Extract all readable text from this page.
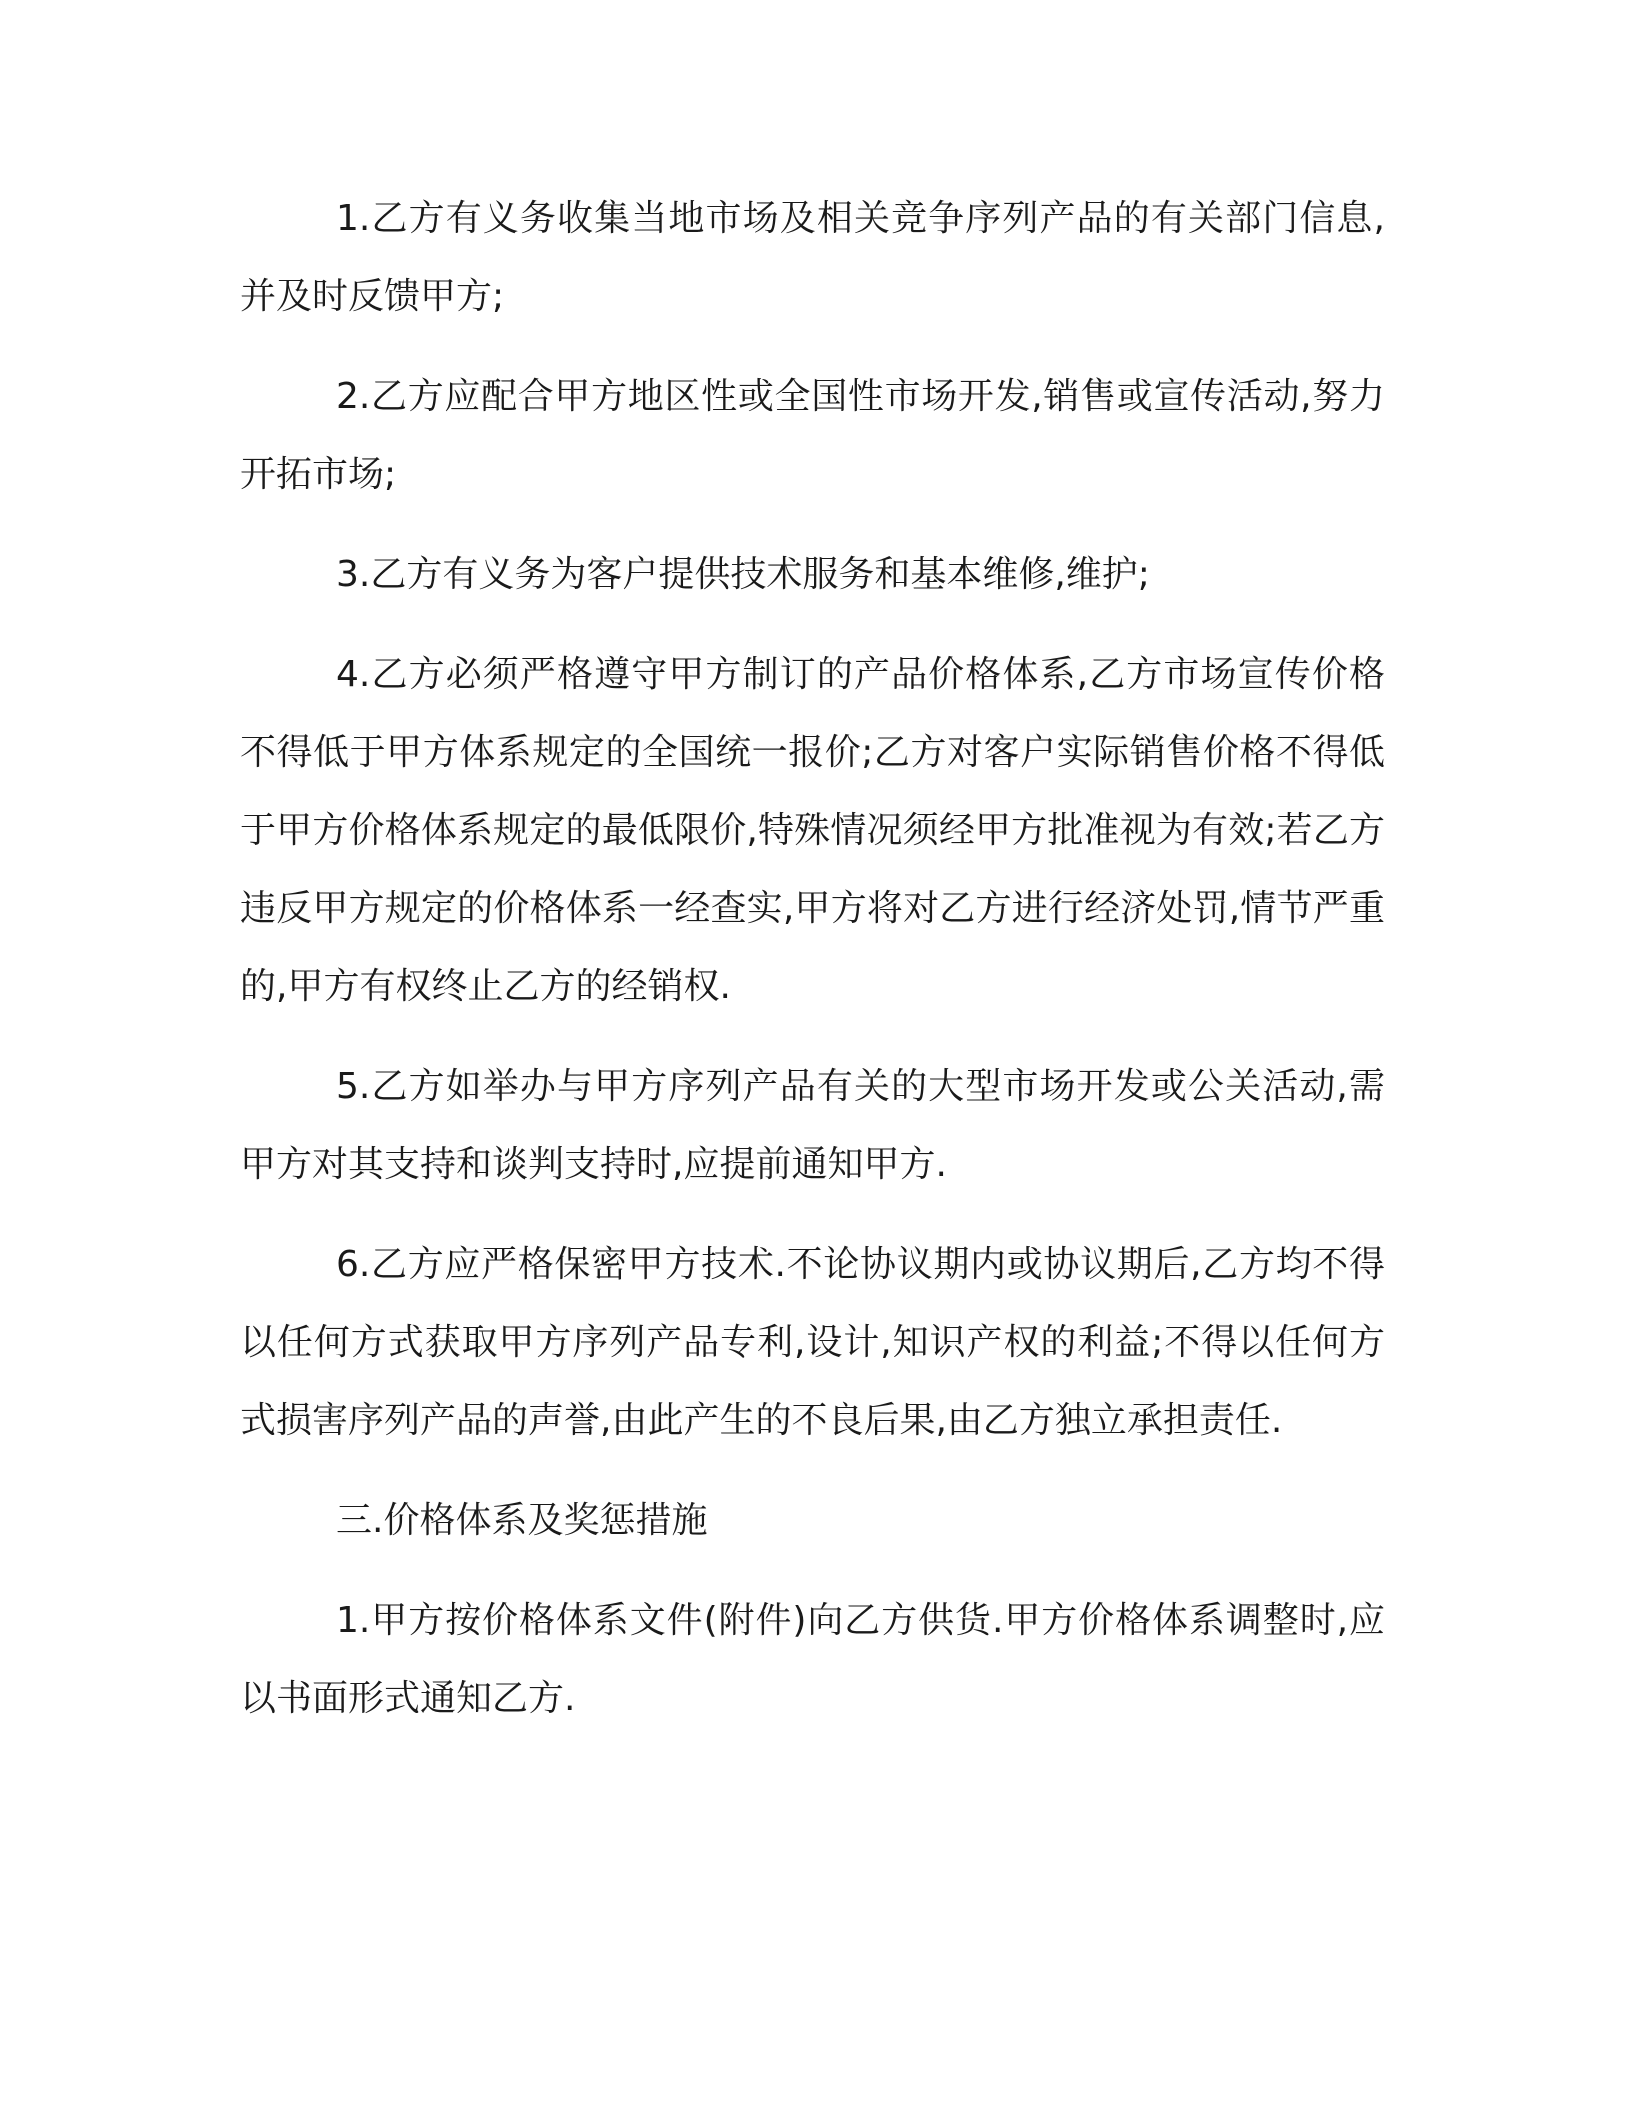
1.乙方有义务收集当地市场及相关竞争序列产品的有关部门信息,并及时反馈甲方;

2.乙方应配合甲方地区性或全国性市场开发,销售或宣传活动,努力开拓市场;

3.乙方有义务为客户提供技术服务和基本维修,维护;

4.乙方必须严格遵守甲方制订的产品价格体系,乙方市场宣传价格不得低于甲方体系规定的全国统一报价;乙方对客户实际销售价格不得低于甲方价格体系规定的最低限价,特殊情况须经甲方批准视为有效;若乙方违反甲方规定的价格体系一经查实,甲方将对乙方进行经济处罚,情节严重的,甲方有权终止乙方的经销权.

5.乙方如举办与甲方序列产品有关的大型市场开发或公关活动,需甲方对其支持和谈判支持时,应提前通知甲方.

6.乙方应严格保密甲方技术.不论协议期内或协议期后,乙方均不得以任何方式获取甲方序列产品专利,设计,知识产权的利益;不得以任何方式损害序列产品的声誉,由此产生的不良后果,由乙方独立承担责任.

三.价格体系及奖惩措施

1.甲方按价格体系文件(附件)向乙方供货.甲方价格体系调整时,应以书面形式通知乙方.
